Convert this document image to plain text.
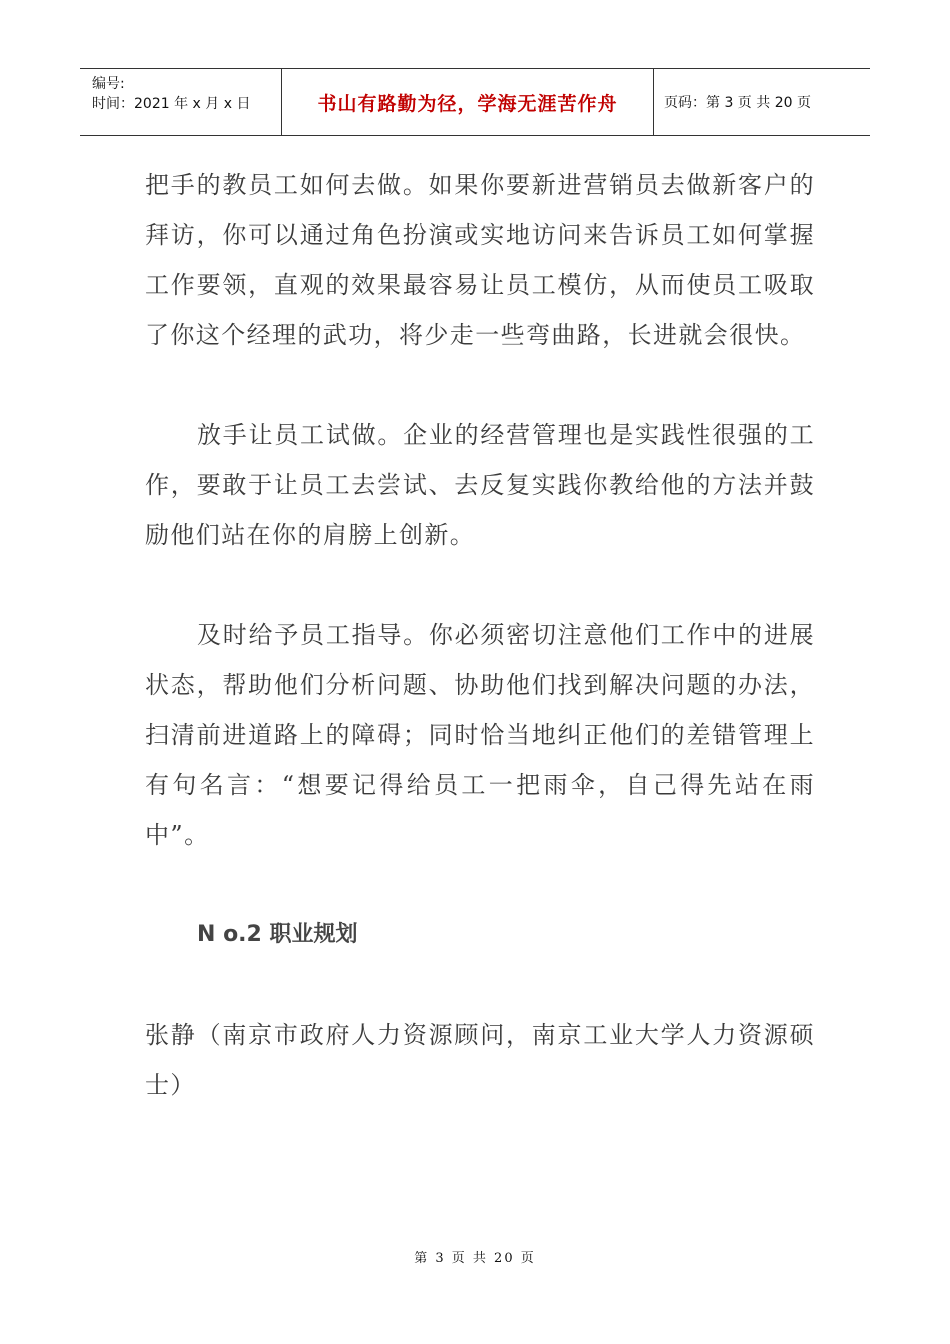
编号:
时间：2021 年 x 月 x 日	书山有路勤为径，学海无涯苦作舟	页码：第 3 页 共 20 页

把手的教员工如何去做。如果你要新进营销员去做新客户的拜访，你可以通过角色扮演或实地访问来告诉员工如何掌握工作要领，直观的效果最容易让员工模仿，从而使员工吸取了你这个经理的武功，将少走一些弯曲路，长进就会很快。

放手让员工试做。企业的经营管理也是实践性很强的工作，要敢于让员工去尝试、去反复实践你教给他的方法并鼓励他们站在你的肩膀上创新。

及时给予员工指导。你必须密切注意他们工作中的进展状态，帮助他们分析问题、协助他们找到解决问题的办法，扫清前进道路上的障碍；同时恰当地纠正他们的差错管理上有句名言：“想要记得给员工一把雨伞，自己得先站在雨中”。

N o.2 职业规划

张静（南京市政府人力资源顾问，南京工业大学人力资源硕士）

第 3 页 共 20 页
